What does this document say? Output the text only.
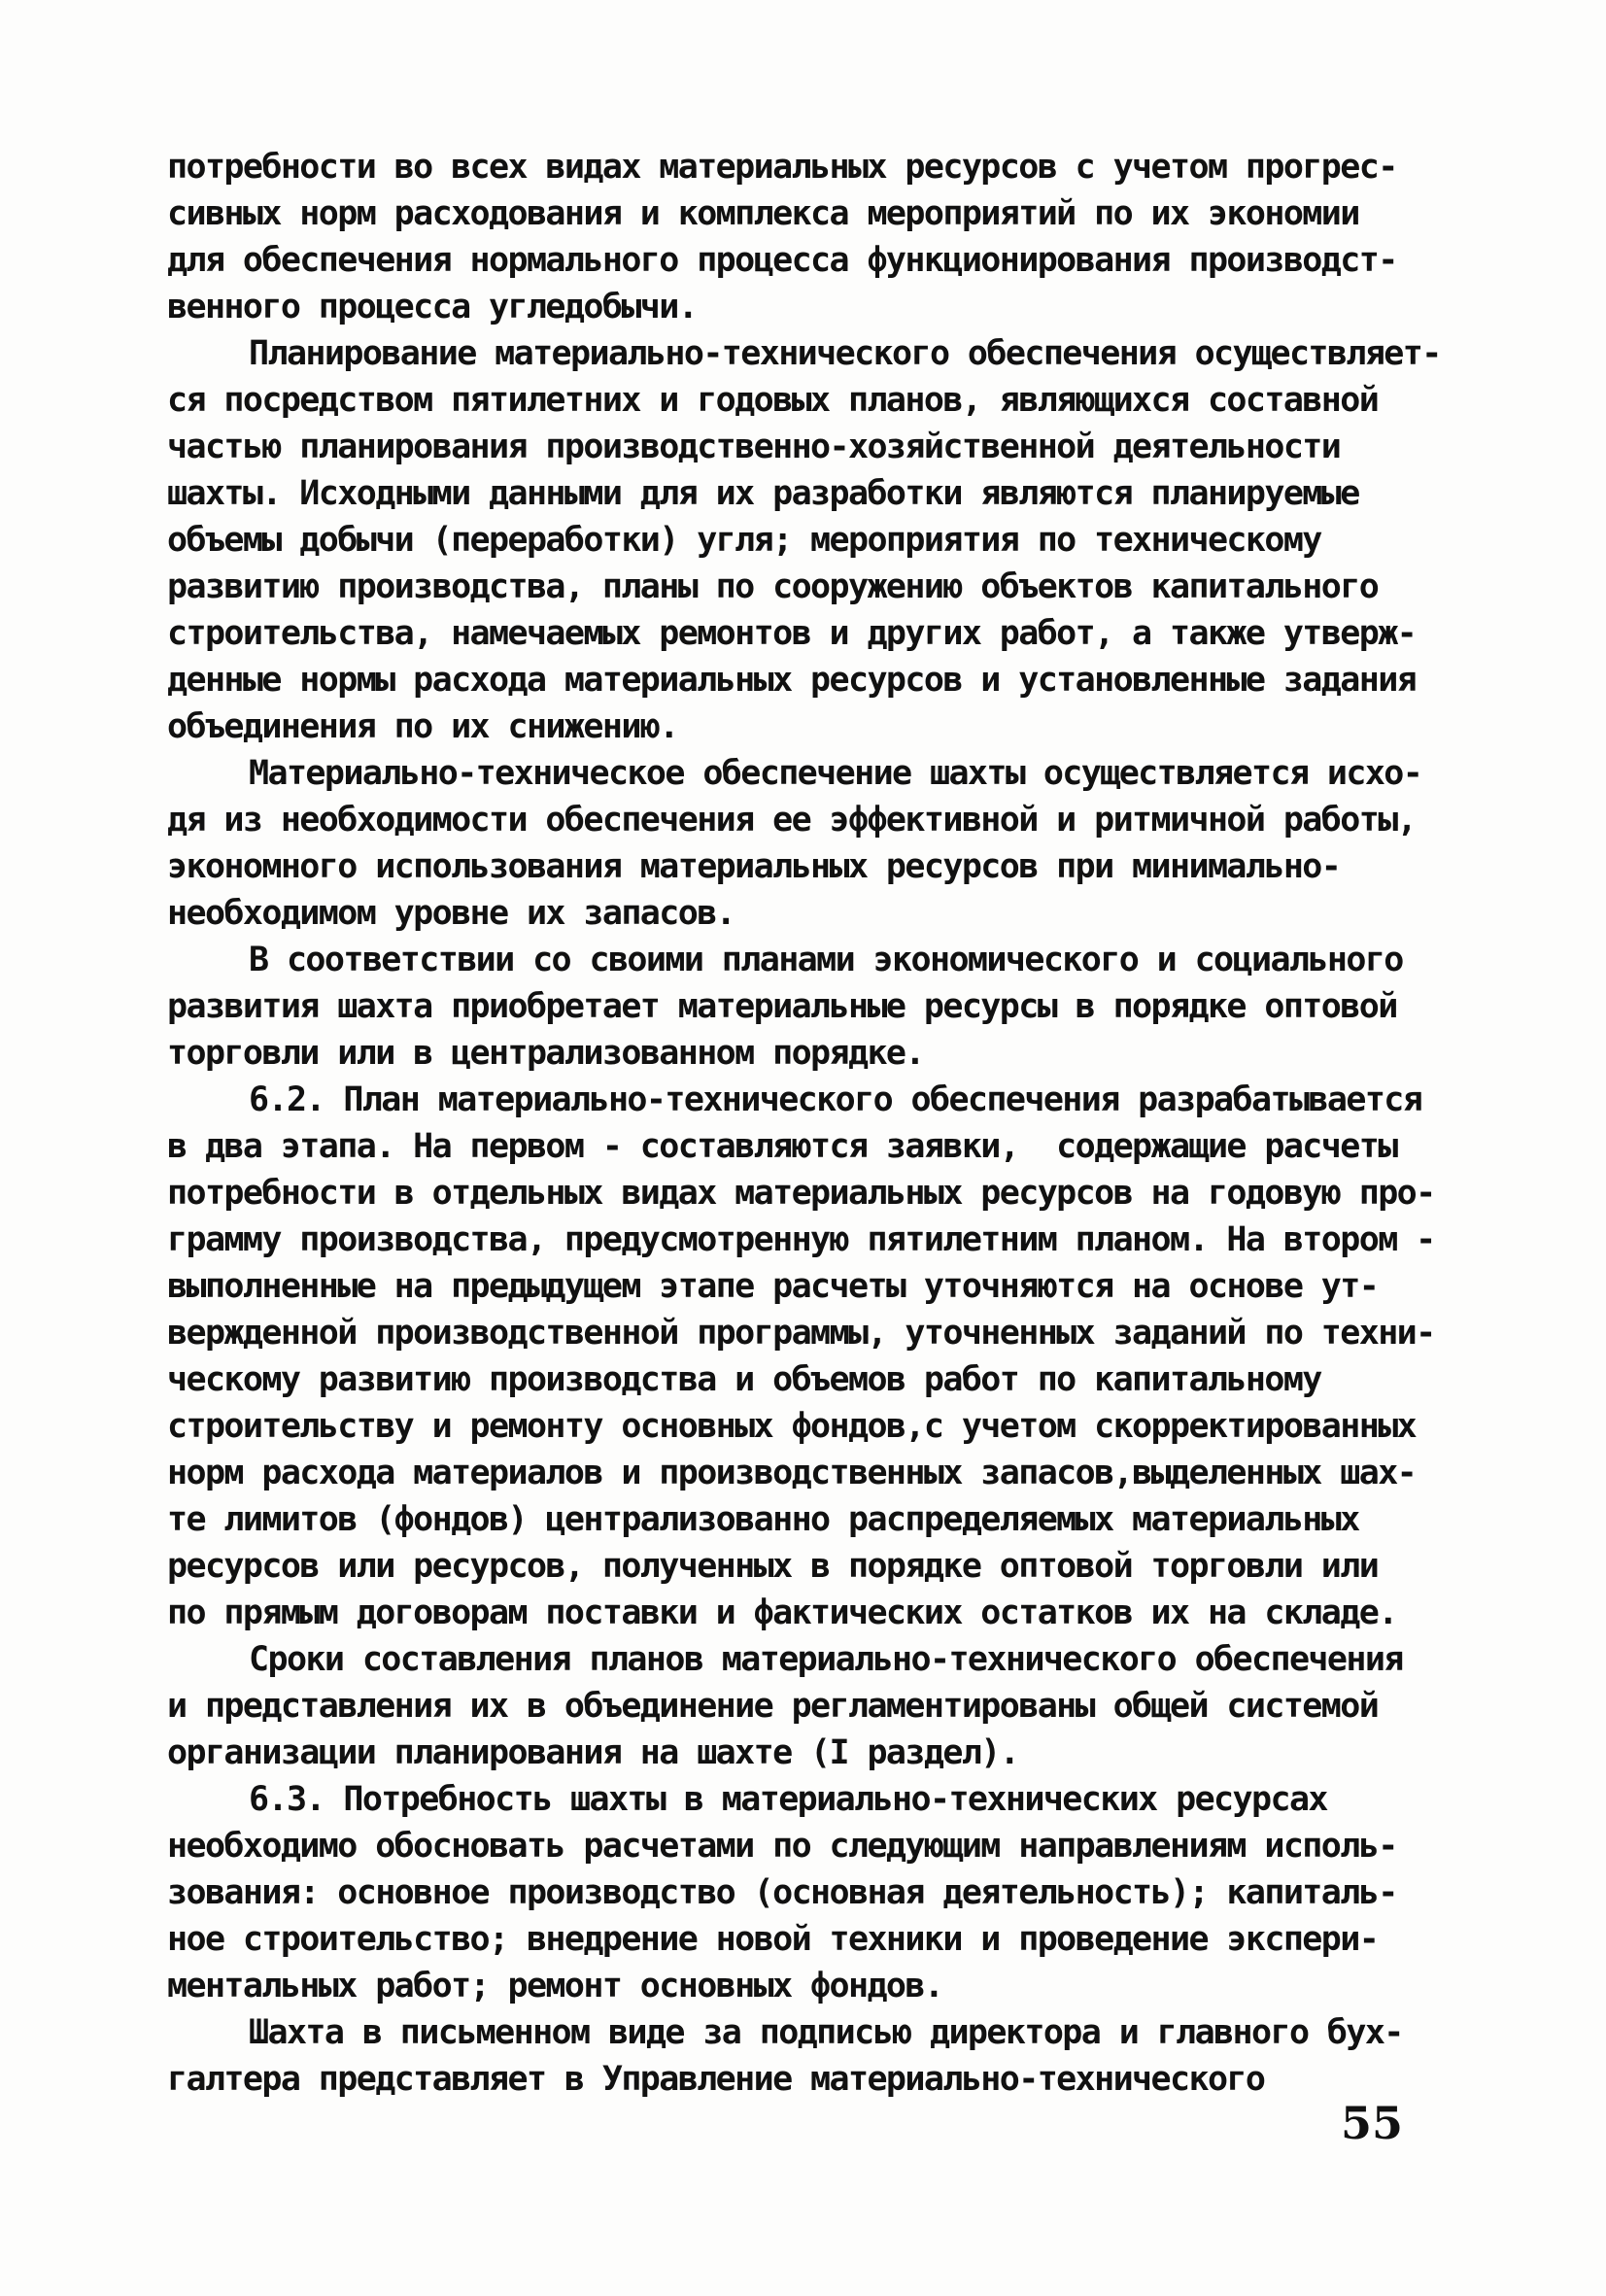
потребности во всех видах материальных ресурсов с учетом прогрес-
сивных норм расходования и комплекса мероприятий по их экономии
для обеспечения нормального процесса функционирования производст-
венного процесса угледобычи.
Планирование материально-технического обеспечения осуществляет-
ся посредством пятилетних и годовых планов, являющихся составной
частью планирования производственно-хозяйственной деятельности
шахты. Исходными данными для их разработки являются планируемые
объемы добычи (переработки) угля; мероприятия по техническому
развитию производства, планы по сооружению объектов капитального
строительства, намечаемых ремонтов и других работ, а также утверж-
денные нормы расхода материальных ресурсов и установленные задания
объединения по их снижению.
Материально-техническое обеспечение шахты осуществляется исхо-
дя из необходимости обеспечения ее эффективной и ритмичной работы,
экономного использования материальных ресурсов при минимально-
необходимом уровне их запасов.
В соответствии со своими планами экономического и социального
развития шахта приобретает материальные ресурсы в порядке оптовой
торговли или в централизованном порядке.
6.2. План материально-технического обеспечения разрабатывается
в два этапа. На первом - составляются заявки,  содержащие расчеты
потребности в отдельных видах материальных ресурсов на годовую про-
грамму производства, предусмотренную пятилетним планом. На втором -
выполненные на предыдущем этапе расчеты уточняются на основе ут-
вержденной производственной программы, уточненных заданий по техни-
ческому развитию производства и объемов работ по капитальному
строительству и ремонту основных фондов,с учетом скорректированных
норм расхода материалов и производственных запасов,выделенных шах-
те лимитов (фондов) централизованно распределяемых материальных
ресурсов или ресурсов, полученных в порядке оптовой торговли или
по прямым договорам поставки и фактических остатков их на складе.
Сроки составления планов материально-технического обеспечения
и представления их в объединение регламентированы общей системой
организации планирования на шахте (I раздел).
6.3. Потребность шахты в материально-технических ресурсах
необходимо обосновать расчетами по следующим направлениям исполь-
зования: основное производство (основная деятельность); капиталь-
ное строительство; внедрение новой техники и проведение экспери-
ментальных работ; ремонт основных фондов.
Шахта в письменном виде за подписью директора и главного бух-
галтера представляет в Управление материально-технического
55
